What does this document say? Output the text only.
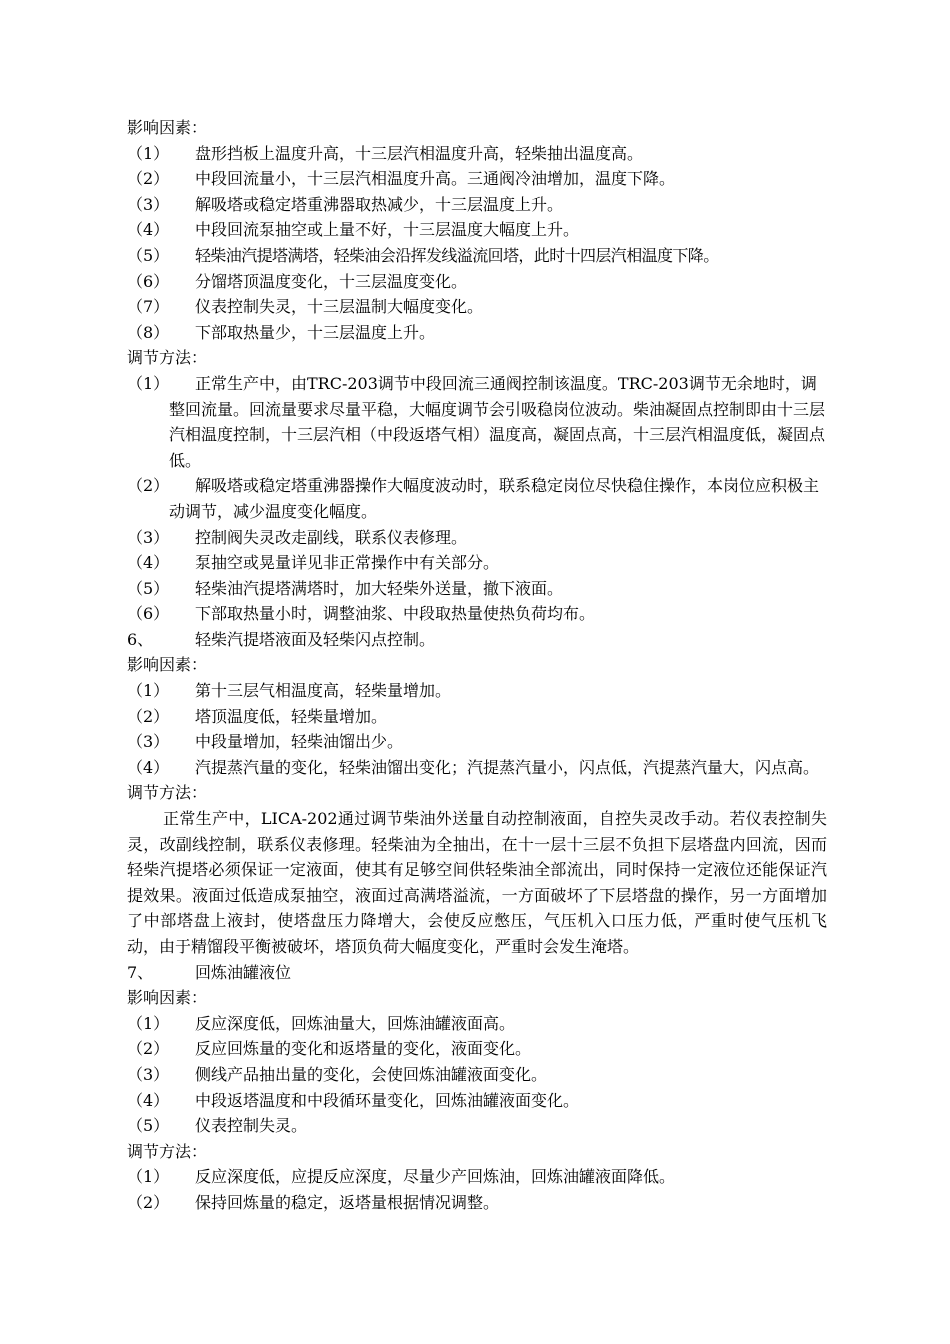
影响因素：
（1）	盘形挡板上温度升高，十三层汽相温度升高，轻柴抽出温度高。
（2）	中段回流量小，十三层汽相温度升高。三通阀冷油增加，温度下降。
（3）	解吸塔或稳定塔重沸器取热减少，十三层温度上升。
（4）	中段回流泵抽空或上量不好，十三层温度大幅度上升。
（5）	轻柴油汽提塔满塔，轻柴油会沿挥发线溢流回塔，此时十四层汽相温度下降。
（6）	分馏塔顶温度变化，十三层温度变化。
（7）	仪表控制失灵，十三层温制大幅度变化。
（8）	下部取热量少，十三层温度上升。
调节方法：
（1） 正常生产中，由TRC-203调节中段回流三通阀控制该温度。TRC-203调节无余地时，调整回流量。回流量要求尽量平稳，大幅度调节会引吸稳岗位波动。柴油凝固点控制即由十三层汽相温度控制，十三层汽相（中段返塔气相）温度高，凝固点高，十三层汽相温度低，凝固点低。
（2） 解吸塔或稳定塔重沸器操作大幅度波动时，联系稳定岗位尽快稳住操作，本岗位应积极主动调节，减少温度变化幅度。
（3）	控制阀失灵改走副线，联系仪表修理。
（4）	泵抽空或晃量详见非正常操作中有关部分。
（5）	轻柴油汽提塔满塔时，加大轻柴外送量，撤下液面。
（6）	下部取热量小时，调整油浆、中段取热量使热负荷均布。
6、	轻柴汽提塔液面及轻柴闪点控制。
影响因素：
（1）	第十三层气相温度高，轻柴量增加。
（2）	塔顶温度低，轻柴量增加。
（3）	中段量增加，轻柴油馏出少。
（4） 汽提蒸汽量的变化，轻柴油馏出变化；汽提蒸汽量小，闪点低，汽提蒸汽量大，闪点高。
调节方法：
正常生产中，LICA-202通过调节柴油外送量自动控制液面，自控失灵改手动。若仪表控制失灵，改副线控制，联系仪表修理。轻柴油为全抽出，在十一层十三层不负担下层塔盘内回流，因而轻柴汽提塔必须保证一定液面，使其有足够空间供轻柴油全部流出，同时保持一定液位还能保证汽提效果。液面过低造成泵抽空，液面过高满塔溢流，一方面破坏了下层塔盘的操作，另一方面增加了中部塔盘上液封，使塔盘压力降增大，会使反应憋压，气压机入口压力低，严重时使气压机飞动，由于精馏段平衡被破坏，塔顶负荷大幅度变化，严重时会发生淹塔。
7、	回炼油罐液位
影响因素：
（1）	反应深度低，回炼油量大，回炼油罐液面高。
（2）	反应回炼量的变化和返塔量的变化，液面变化。
（3）	侧线产品抽出量的变化，会使回炼油罐液面变化。
（4）	中段返塔温度和中段循环量变化，回炼油罐液面变化。
（5）	仪表控制失灵。
调节方法：
（1）	反应深度低，应提反应深度，尽量少产回炼油，回炼油罐液面降低。
（2）	保持回炼量的稳定，返塔量根据情况调整。
